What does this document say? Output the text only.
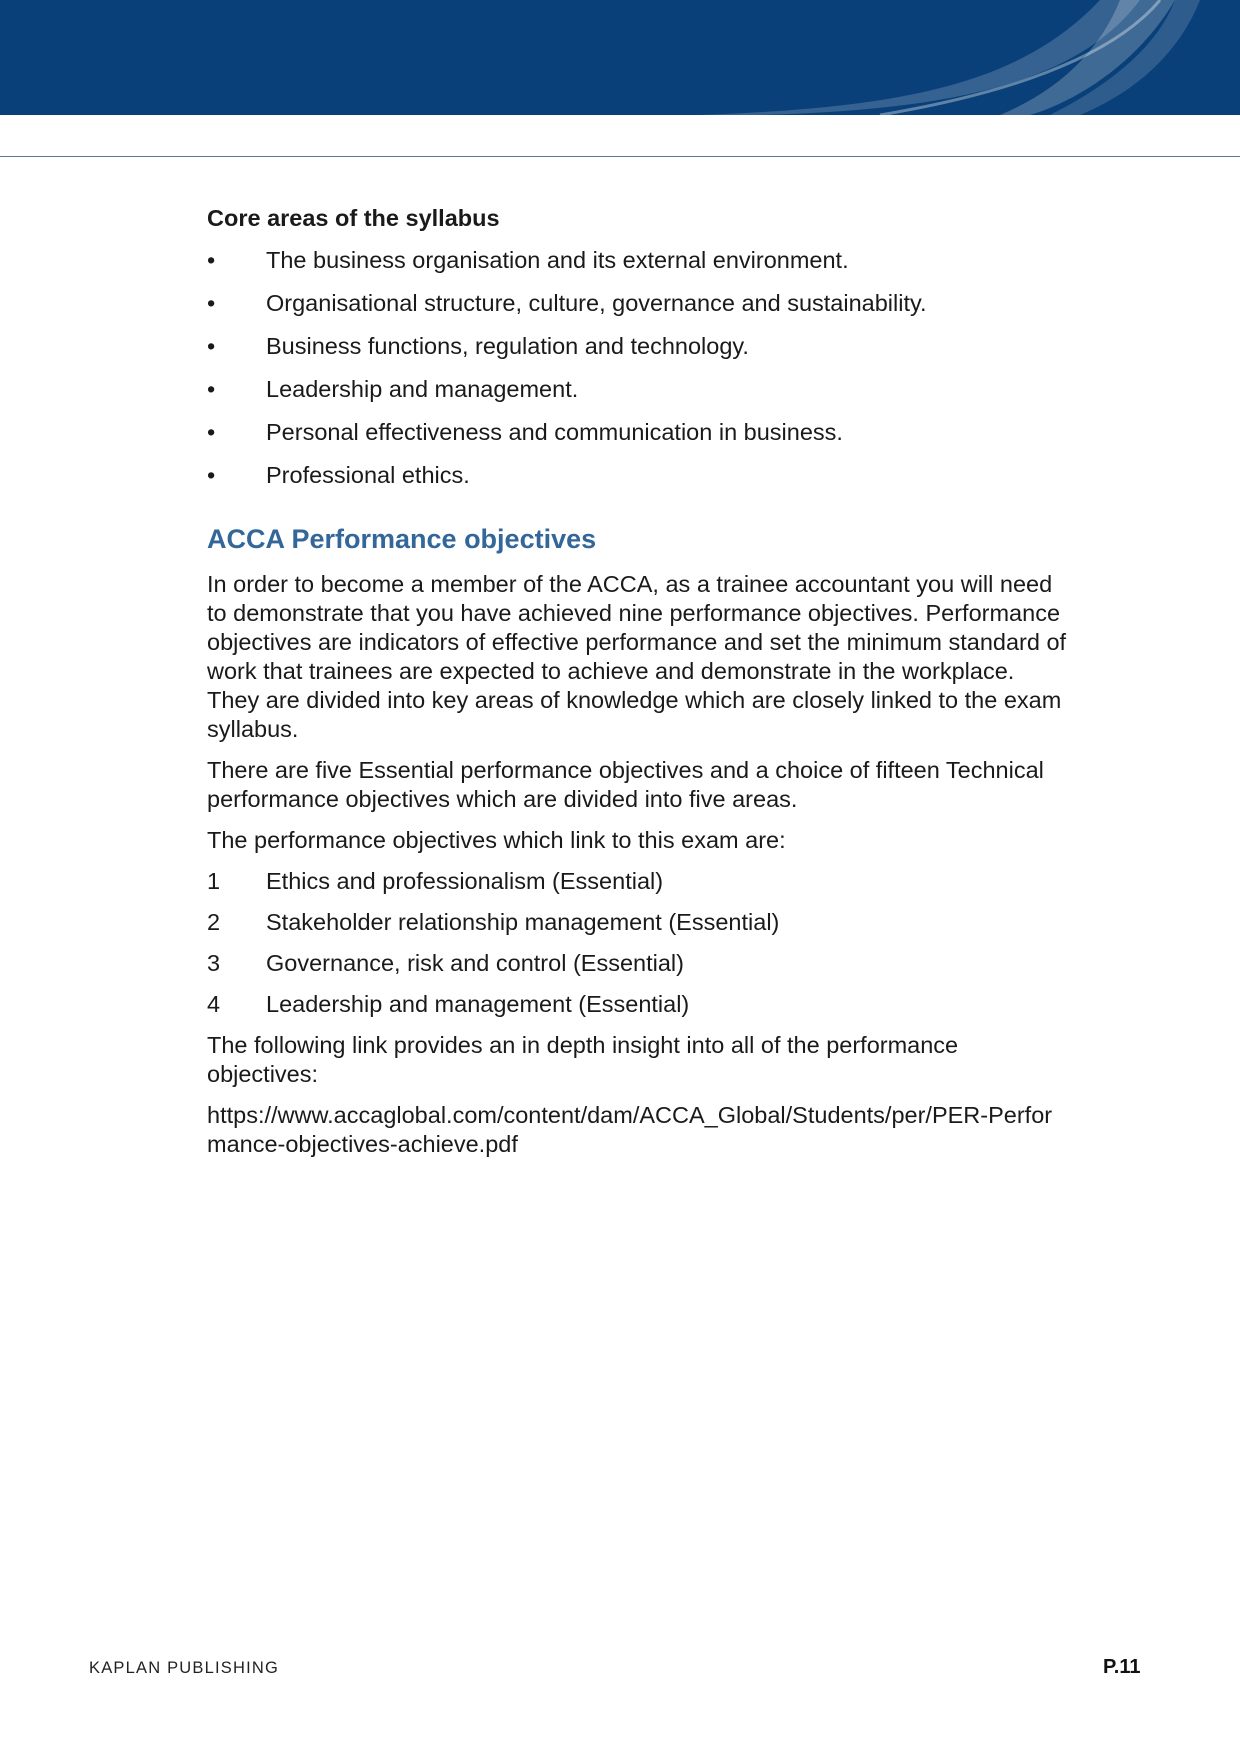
Core areas of the syllabus
• The business organisation and its external environment.
• Organisational structure, culture, governance and sustainability.
• Business functions, regulation and technology.
• Leadership and management.
• Personal effectiveness and communication in business.
• Professional ethics.
ACCA Performance objectives

In order to become a member of the ACCA, as a trainee accountant you will need to demonstrate that you have achieved nine performance objectives. Performance objectives are indicators of effective performance and set the minimum standard of work that trainees are expected to achieve and demonstrate in the workplace. They are divided into key areas of knowledge which are closely linked to the exam syllabus.

There are five Essential performance objectives and a choice of fifteen Technical performance objectives which are divided into five areas.

The performance objectives which link to this exam are:

1 Ethics and professionalism (Essential)
2 Stakeholder relationship management (Essential)
3 Governance, risk and control (Essential)
4 Leadership and management (Essential)

The following link provides an in depth insight into all of the performance objectives:

https://www.accaglobal.com/content/dam/ACCA_Global/Students/per/PER-Performance-objectives-achieve.pdf

KAPLAN PUBLISHING	P.11
